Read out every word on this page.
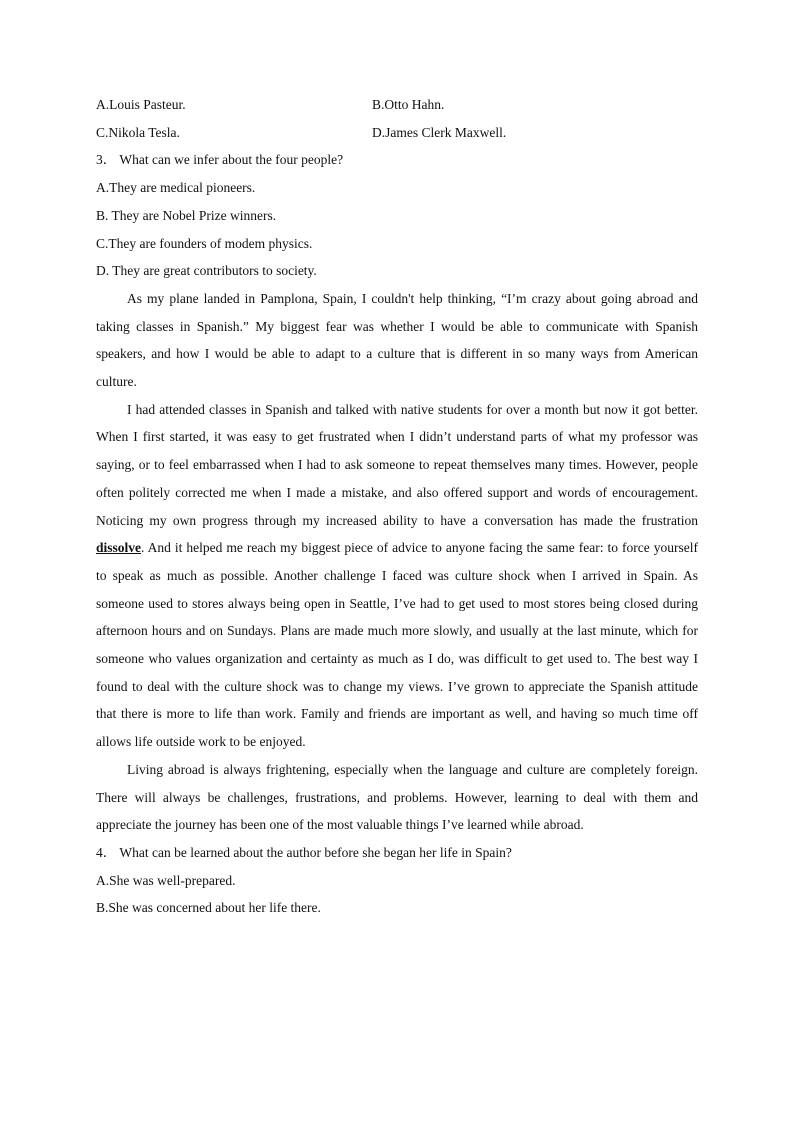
A.Louis Pasteur.	B.Otto Hahn.
C.Nikola Tesla.	D.James Clerk Maxwell.
3． What can we infer about the four people?
A.They are medical pioneers.
B. They are Nobel Prize winners.
C.They are founders of modem physics.
D. They are great contributors to society.

As my plane landed in Pamplona, Spain, I couldn't help thinking, “I’m crazy about going abroad and taking classes in Spanish.” My biggest fear was whether I would be able to communicate with Spanish speakers, and how I would be able to adapt to a culture that is different in so many ways from American culture.

I had attended classes in Spanish and talked with native students for over a month but now it got better. When I first started, it was easy to get frustrated when I didn’t understand parts of what my professor was saying, or to feel embarrassed when I had to ask someone to repeat themselves many times. However, people often politely corrected me when I made a mistake, and also offered support and words of encouragement. Noticing my own progress through my increased ability to have a conversation has made the frustration dissolve. And it helped me reach my biggest piece of advice to anyone facing the same fear: to force yourself to speak as much as possible. Another challenge I faced was culture shock when I arrived in Spain. As someone used to stores always being open in Seattle, I’ve had to get used to most stores being closed during afternoon hours and on Sundays. Plans are made much more slowly, and usually at the last minute, which for someone who values organization and certainty as much as I do, was difficult to get used to. The best way I found to deal with the culture shock was to change my views. I’ve grown to appreciate the Spanish attitude that there is more to life than work. Family and friends are important as well, and having so much time off allows life outside work to be enjoyed.

Living abroad is always frightening, especially when the language and culture are completely foreign. There will always be challenges, frustrations, and problems. However, learning to deal with them and appreciate the journey has been one of the most valuable things I’ve learned while abroad.

4． What can be learned about the author before she began her life in Spain?
A.She was well-prepared.
B.She was concerned about her life there.
